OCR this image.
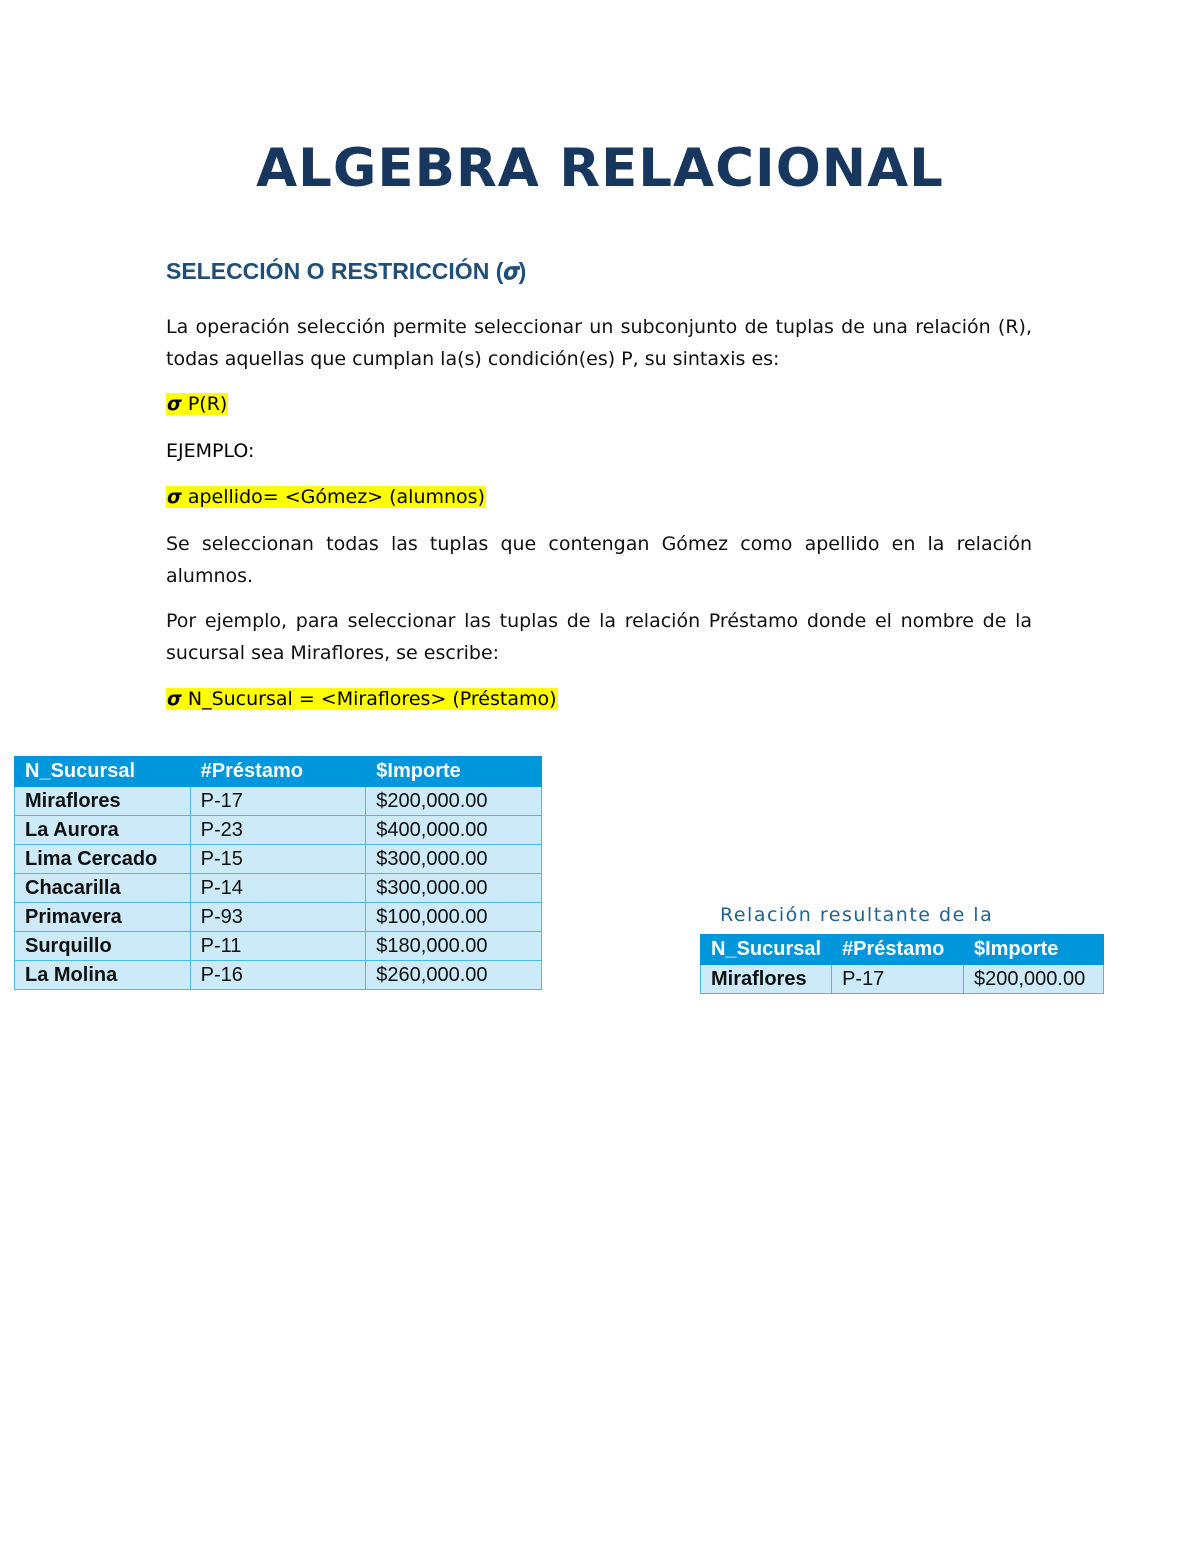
ALGEBRA RELACIONAL
SELECCIÓN O RESTRICCIÓN (𝝈)

La operación selección permite seleccionar un subconjunto de tuplas de una relación (R), todas aquellas que cumplan la(s) condición(es) P, su sintaxis es:

σ P(R)

EJEMPLO:

σ apellido= <Gómez> (alumnos)

Se seleccionan todas las tuplas que contengan Gómez como apellido en la relación alumnos.

Por ejemplo, para seleccionar las tuplas de la relación Préstamo donde el nombre de la sucursal sea Miraflores, se escribe:

σ N_Sucursal = <Miraflores> (Préstamo)

N_Sucursal	#Préstamo	$Importe
Miraflores	P-17	$200,000.00
La Aurora	P-23	$400,000.00
Lima Cercado	P-15	$300,000.00
Chacarilla	P-14	$300,000.00
Primavera	P-93	$100,000.00
Surquillo	P-11	$180,000.00
La Molina	P-16	$260,000.00

Relación resultante de la

N_Sucursal	#Préstamo	$Importe
Miraflores	P-17	$200,000.00
